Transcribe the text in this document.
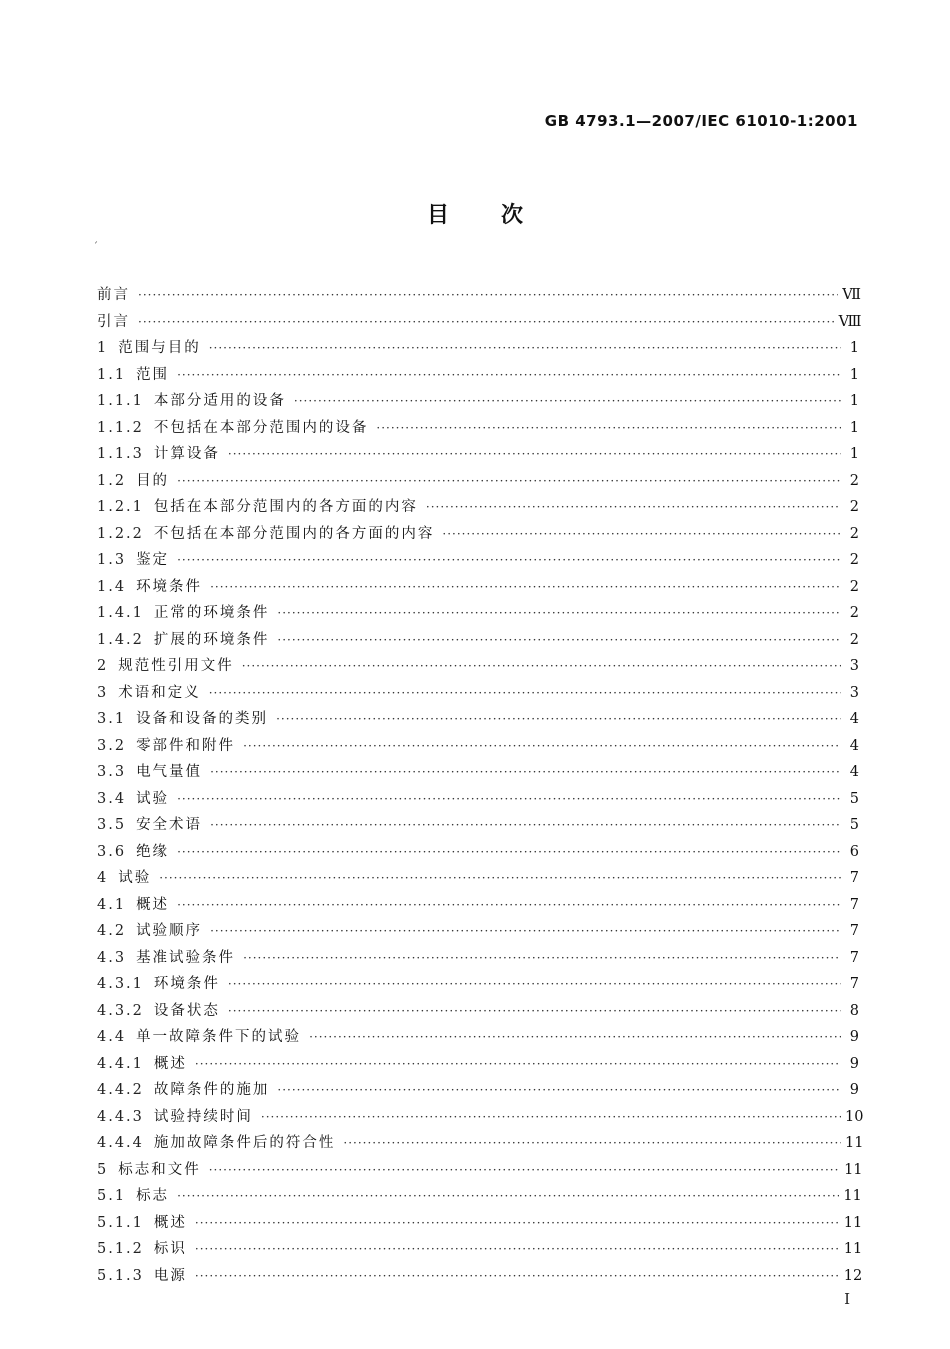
GB 4793.1—2007/IEC 61010-1:2001
目次
ˊ
前言 ·····	Ⅶ
引言 ·····	Ⅷ
1 范围与目的 ·····	1
1.1 范围 ·····	1
1.1.1 本部分适用的设备 ·····	1
1.1.2 不包括在本部分范围内的设备 ·····	1
1.1.3 计算设备 ·····	1
1.2 目的 ·····	2
1.2.1 包括在本部分范围内的各方面的内容 ·····	2
1.2.2 不包括在本部分范围内的各方面的内容 ·····	2
1.3 鉴定 ·····	2
1.4 环境条件 ·····	2
1.4.1 正常的环境条件 ·····	2
1.4.2 扩展的环境条件 ·····	2
2 规范性引用文件 ·····	3
3 术语和定义 ·····	3
3.1 设备和设备的类别 ·····	4
3.2 零部件和附件 ·····	4
3.3 电气量值 ·····	4
3.4 试验 ·····	5
3.5 安全术语 ·····	5
3.6 绝缘 ·····	6
4 试验 ·····	7
4.1 概述 ·····	7
4.2 试验顺序 ·····	7
4.3 基准试验条件 ·····	7
4.3.1 环境条件 ·····	7
4.3.2 设备状态 ·····	8
4.4 单一故障条件下的试验 ·····	9
4.4.1 概述 ·····	9
4.4.2 故障条件的施加 ·····	9
4.4.3 试验持续时间 ·····	10
4.4.4 施加故障条件后的符合性 ·····	11
5 标志和文件 ·····	11
5.1 标志 ·····	11
5.1.1 概述 ·····	11
5.1.2 标识 ·····	11
5.1.3 电源 ·····	12
Ⅰ
